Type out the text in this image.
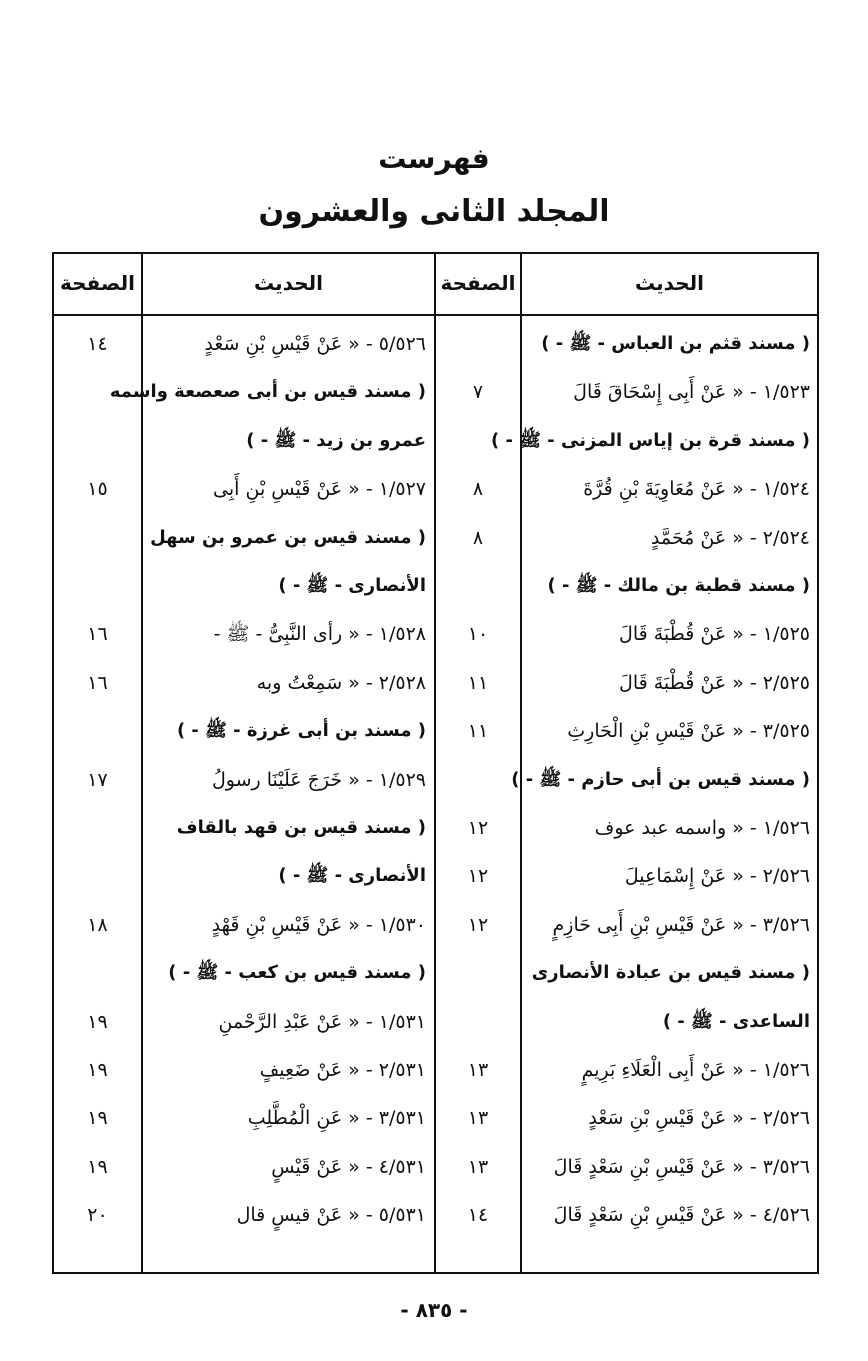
فهرست
المجلد الثانى والعشرون
الحديث
الصفحة
الحديث
الصفحة
( مسند قثم بن العباس - ﷺ - )
١/٥٢٣ - « عَنْ أَبِى إِسْحَاقَ قَالَ
٧
( مسند قرة بن إياس المزنى - ﷺ - )
١/٥٢٤ - « عَنْ مُعَاوِيَةَ بْنِ قُرَّةَ
٨
٢/٥٢٤ - « عَنْ مُحَمَّدٍ
٨
( مسند قطبة بن مالك - ﷺ - )
١/٥٢٥ - « عَنْ قُطْبَةَ قَالَ
١٠
٢/٥٢٥ - « عَنْ قُطْبَةَ قَالَ
١١
٣/٥٢٥ - « عَنْ قَيْسِ بْنِ الْحَارِثِ
١١
( مسند قيس بن أبى حازم - ﷺ - )
١/٥٢٦ - « واسمه عبد عوف
١٢
٢/٥٢٦ - « عَنْ إِسْمَاعِيلَ
١٢
٣/٥٢٦ - « عَنْ قَيْسِ بْنِ أَبِى حَازِمٍ
١٢
( مسند قيس بن عبادة الأنصارى
الساعدى - ﷺ - )
١/٥٢٦ - « عَنْ أَبِى الْعَلَاءِ بَرِيمٍ
١٣
٢/٥٢٦ - « عَنْ قَيْسِ بْنِ سَعْدٍ
١٣
٣/٥٢٦ - « عَنْ قَيْسِ بْنِ سَعْدٍ قَالَ
١٣
٤/٥٢٦ - « عَنْ قَيْسِ بْنِ سَعْدٍ قَالَ
١٤
٥/٥٢٦ - « عَنْ قَيْسِ بْنِ سَعْدٍ
١٤
( مسند قيس بن أبى صعصعة واسمه
عمرو بن زيد - ﷺ - )
١/٥٢٧ - « عَنْ قَيْسِ بْنِ أَبِى
١٥
( مسند قيس بن عمرو بن سهل
الأنصارى - ﷺ - )
١/٥٢٨ - « رأى النَّبِىُّ - ﷺ -
١٦
٢/٥٢٨ - « سَمِعْتُ وبه
١٦
( مسند بن أبى غرزة - ﷺ - )
١/٥٢٩ - « خَرَجَ عَلَيْنَا رسولُ
١٧
( مسند قيس بن قهد بالقاف
الأنصارى - ﷺ - )
١/٥٣٠ - « عَنْ قَيْسِ بْنِ قَهْدٍ
١٨
( مسند قيس بن كعب - ﷺ - )
١/٥٣١ - « عَنْ عَبْدِ الرَّحْمنِ
١٩
٢/٥٣١ - « عَنْ ضَعِيفٍ
١٩
٣/٥٣١ - « عَنِ الْمُطَّلِبِ
١٩
٤/٥٣١ - « عَنْ قَيْسٍ
١٩
٥/٥٣١ - « عَنْ قيسٍ قال
٢٠
- ٨٣٥ -
